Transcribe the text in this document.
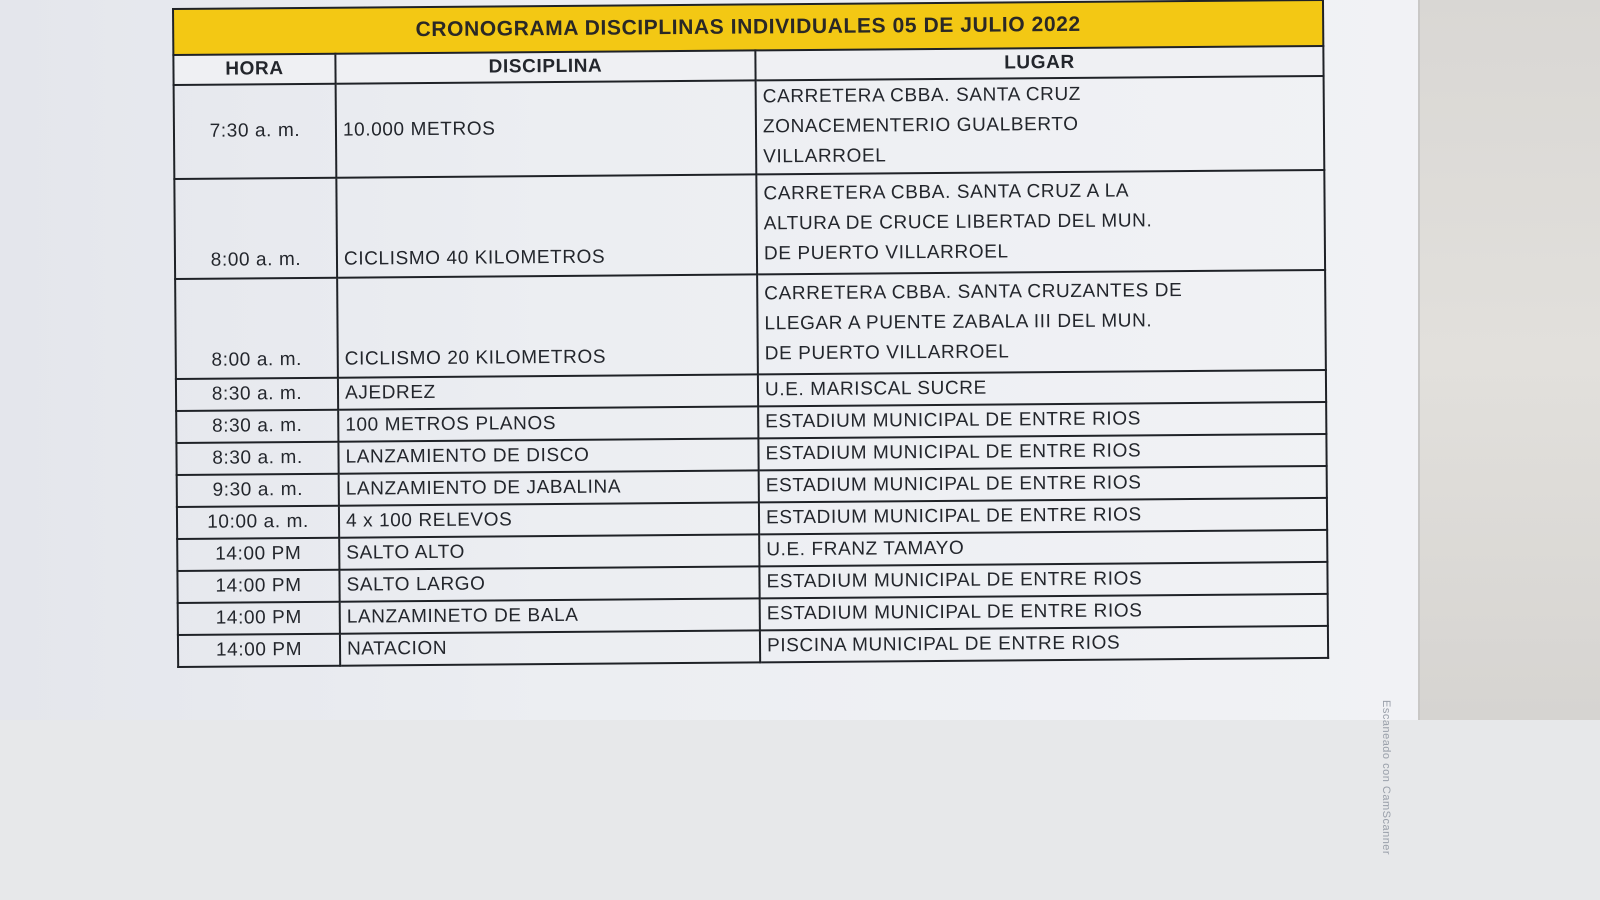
CRONOGRAMA DISCIPLINAS INDIVIDUALES 05 DE JULIO 2022		
HORA	DISCIPLINA	LUGAR
7:30 a. m.	10.000 METROS	CARRETERA CBBA. SANTA CRUZ
ZONACEMENTERIO GUALBERTO
VILLARROEL

8:00 a. m.	CICLISMO 40 KILOMETROS	CARRETERA CBBA. SANTA CRUZ A LA
ALTURA DE CRUCE LIBERTAD DEL MUN.
DE PUERTO VILLARROEL

8:00 a. m.	CICLISMO 20 KILOMETROS	CARRETERA CBBA. SANTA CRUZANTES DE
LLEGAR A PUENTE ZABALA III DEL MUN.
DE PUERTO VILLARROEL

8:30 a. m.	AJEDREZ	U.E. MARISCAL SUCRE

8:30 a. m.	100 METROS PLANOS	ESTADIUM MUNICIPAL DE ENTRE RIOS

8:30 a. m.	LANZAMIENTO DE DISCO	ESTADIUM MUNICIPAL DE ENTRE RIOS

9:30 a. m.	LANZAMIENTO DE JABALINA	ESTADIUM MUNICIPAL DE ENTRE RIOS

10:00 a. m.	4 x 100 RELEVOS	ESTADIUM MUNICIPAL DE ENTRE RIOS

14:00 PM	SALTO ALTO	U.E. FRANZ TAMAYO

14:00 PM	SALTO LARGO	ESTADIUM MUNICIPAL DE ENTRE RIOS

14:00 PM	LANZAMINETO DE BALA	ESTADIUM MUNICIPAL DE ENTRE RIOS

14:00 PM	NATACION	PISCINA MUNICIPAL DE ENTRE RIOS
Escaneado con CamScanner
